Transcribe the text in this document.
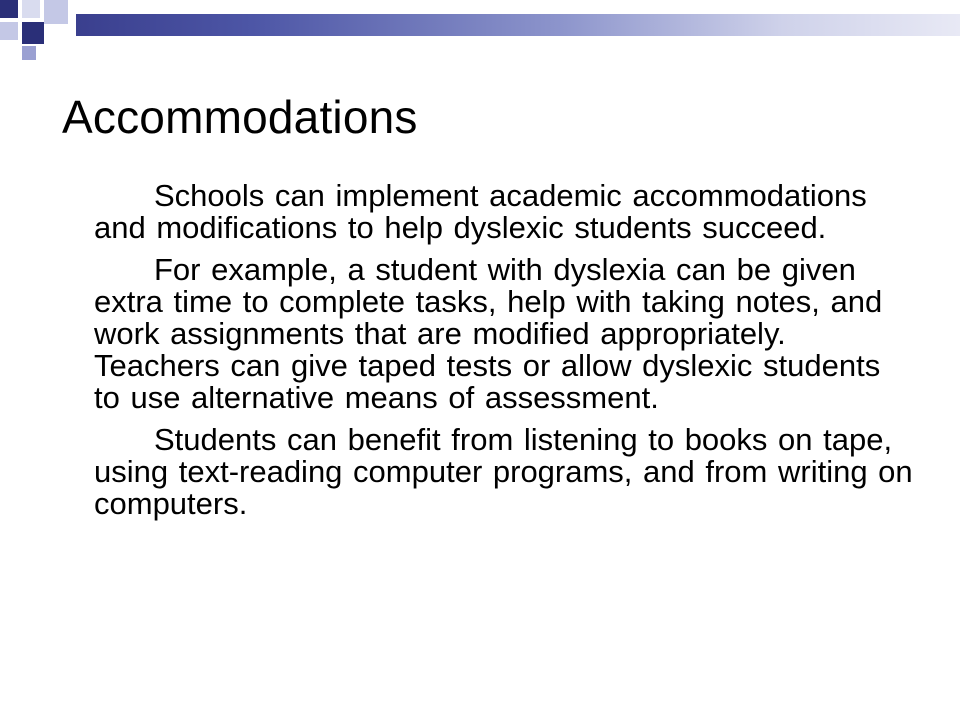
Accommodations

Schools can implement academic accommodations and modifications to help dyslexic students succeed.

For example, a student with dyslexia can be given extra time to complete tasks, help with taking notes, and work assignments that are modified appropriately. Teachers can give taped tests or allow dyslexic students to use alternative means of assessment.

Students can benefit from listening to books on tape, using text-reading computer programs, and from writing on computers.
